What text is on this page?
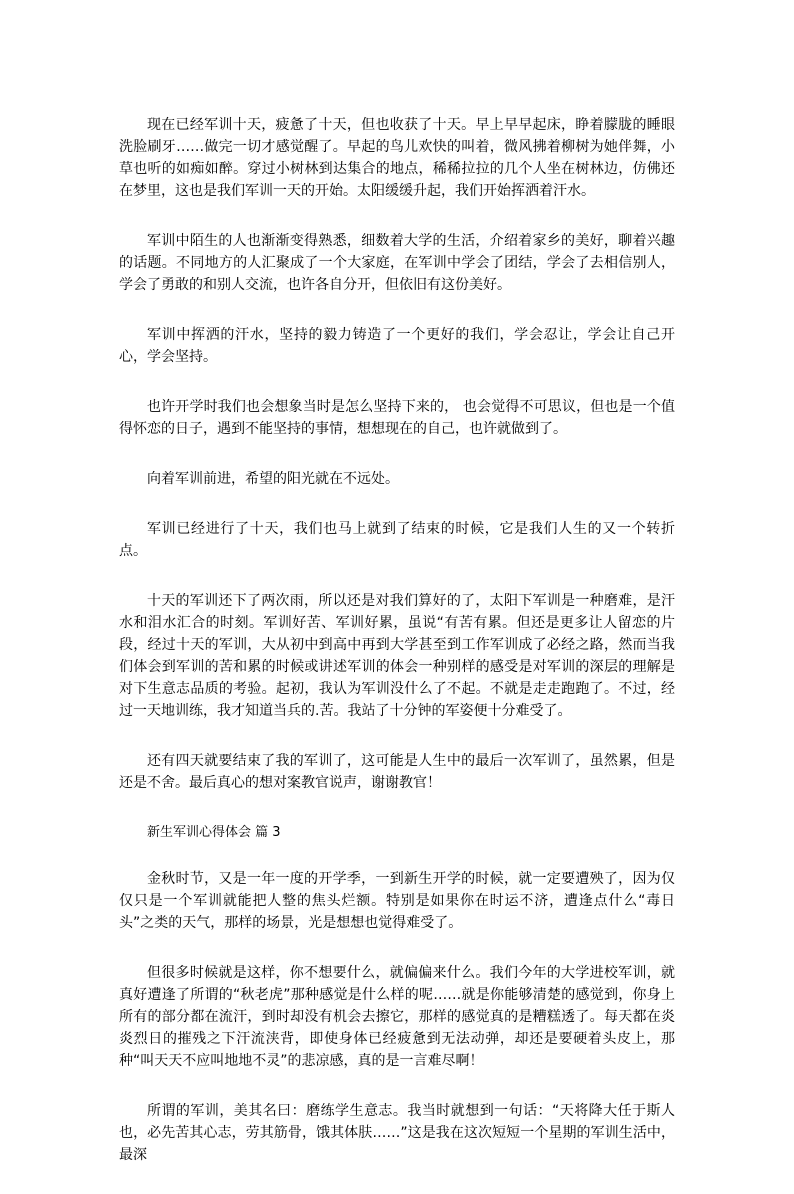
现在已经军训十天，疲惫了十天，但也收获了十天。早上早早起床，睁着朦胧的睡眼洗脸刷牙……做完一切才感觉醒了。早起的鸟儿欢快的叫着，微风拂着柳树为她伴舞，小草也听的如痴如醉。穿过小树林到达集合的地点，稀稀拉拉的几个人坐在树林边，仿佛还在梦里，这也是我们军训一天的开始。太阳缓缓升起，我们开始挥洒着汗水。

军训中陌生的人也渐渐变得熟悉，细数着大学的生活，介绍着家乡的美好，聊着兴趣的话题。不同地方的人汇聚成了一个大家庭，在军训中学会了团结，学会了去相信别人，学会了勇敢的和别人交流，也许各自分开，但依旧有这份美好。

军训中挥洒的汗水，坚持的毅力铸造了一个更好的我们，学会忍让，学会让自己开心，学会坚持。

也许开学时我们也会想象当时是怎么坚持下来的， 也会觉得不可思议，但也是一个值得怀恋的日子，遇到不能坚持的事情，想想现在的自己，也许就做到了。

向着军训前进，希望的阳光就在不远处。

军训已经进行了十天，我们也马上就到了结束的时候，它是我们人生的又一个转折点。

十天的军训还下了两次雨，所以还是对我们算好的了，太阳下军训是一种磨难，是汗水和泪水汇合的时刻。军训好苦、军训好累，虽说“有苦有累。但还是更多让人留恋的片段，经过十天的军训，大从初中到高中再到大学甚至到工作军训成了必经之路，然而当我们体会到军训的苦和累的时候或讲述军训的体会一种别样的感受是对军训的深层的理解是对下生意志品质的考验。起初，我认为军训没什么了不起。不就是走走跑跑了。不过，经过一天地训练，我才知道当兵的.苦。我站了十分钟的军姿便十分难受了。

还有四天就要结束了我的军训了，这可能是人生中的最后一次军训了，虽然累，但是还是不舍。最后真心的想对案教官说声，谢谢教官！

新生军训心得体会 篇 3

金秋时节，又是一年一度的开学季，一到新生开学的时候，就一定要遭殃了，因为仅仅只是一个军训就能把人整的焦头烂额。特别是如果你在时运不济，遭逢点什么“毒日头”之类的天气，那样的场景，光是想想也觉得难受了。

但很多时候就是这样，你不想要什么，就偏偏来什么。我们今年的大学进校军训，就真好遭逢了所谓的“秋老虎”那种感觉是什么样的呢……就是你能够清楚的感觉到，你身上所有的部分都在流汗，到时却没有机会去擦它，那样的感觉真的是糟糕透了。每天都在炎炎烈日的摧残之下汗流浃背，即使身体已经疲惫到无法动弹，却还是要硬着头皮上，那种“叫天天不应叫地地不灵”的悲凉感，真的是一言难尽啊！

所谓的军训，美其名曰：磨练学生意志。我当时就想到一句话：“天将降大任于斯人也，必先苦其心志，劳其筋骨，饿其体肤……”这是我在这次短短一个星期的军训生活中，最深
